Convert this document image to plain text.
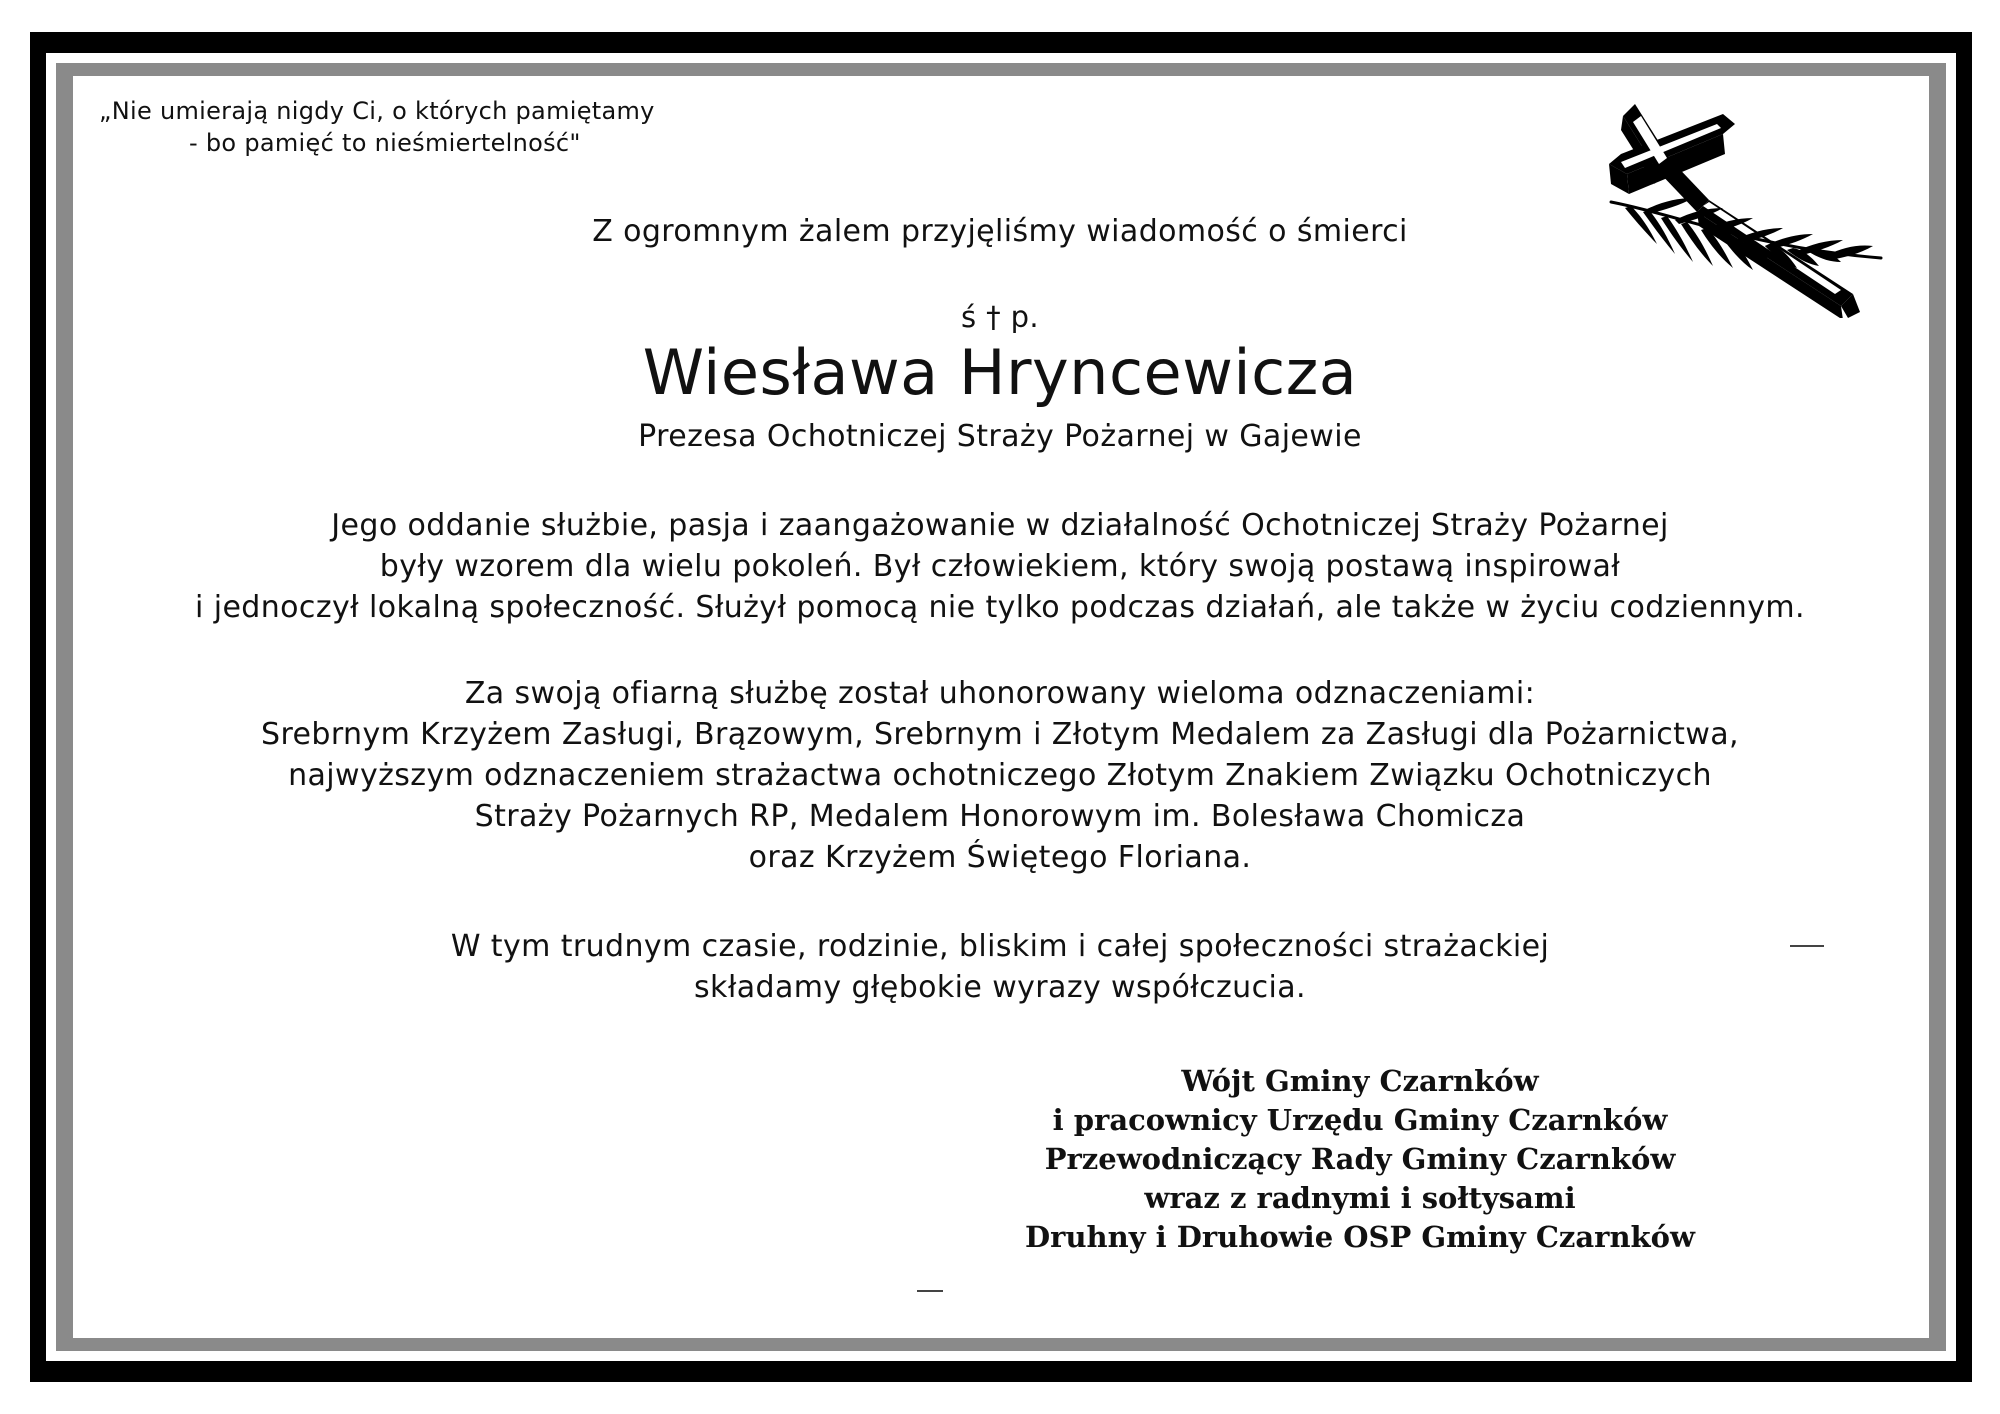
„Nie umierają nigdy Ci, o których pamiętamy
- bo pamięć to nieśmiertelność"
Z ogromnym żalem przyjęliśmy wiadomość o śmierci
ś † p.
Wiesława Hryncewicza
Prezesa Ochotniczej Straży Pożarnej w Gajewie
Jego oddanie służbie, pasja i zaangażowanie w działalność Ochotniczej Straży Pożarnej
były wzorem dla wielu pokoleń. Był człowiekiem, który swoją postawą inspirował
i jednoczył lokalną społeczność. Służył pomocą nie tylko podczas działań, ale także w życiu codziennym.
Za swoją ofiarną służbę został uhonorowany wieloma odznaczeniami:
Srebrnym Krzyżem Zasługi, Brązowym, Srebrnym i Złotym Medalem za Zasługi dla Pożarnictwa,
najwyższym odznaczeniem strażactwa ochotniczego Złotym Znakiem Związku Ochotniczych
Straży Pożarnych RP, Medalem Honorowym im. Bolesława Chomicza
oraz Krzyżem Świętego Floriana.
W tym trudnym czasie, rodzinie, bliskim i całej społeczności strażackiej
składamy głębokie wyrazy współczucia.
Wójt Gminy Czarnków
i pracownicy Urzędu Gminy Czarnków
Przewodniczący Rady Gminy Czarnków
wraz z radnymi i sołtysami
Druhny i Druhowie OSP Gminy Czarnków
